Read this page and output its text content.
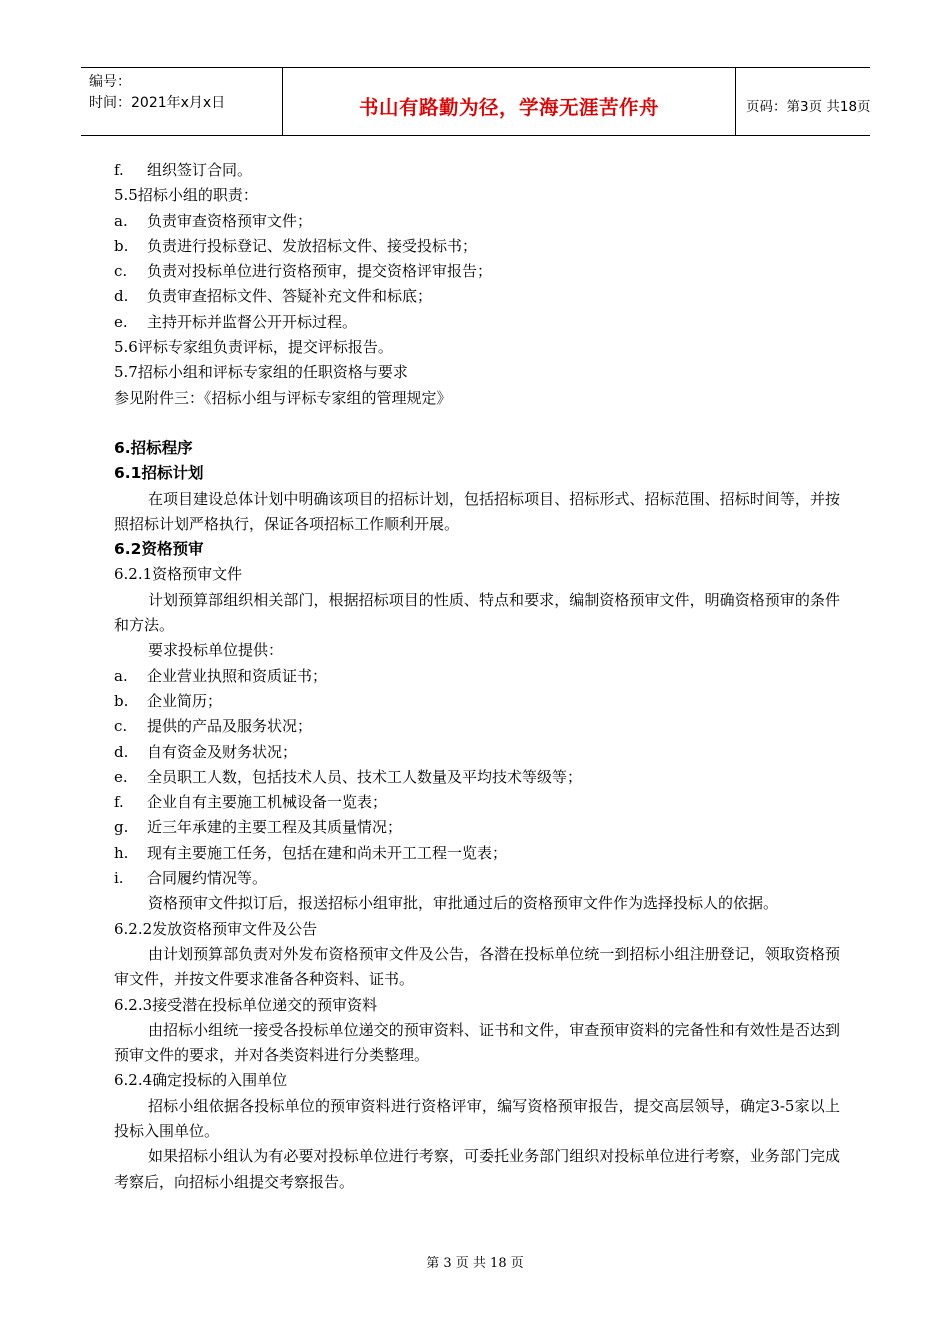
编号：
时间：2021年x月x日	书山有路勤为径，学海无涯苦作舟	页码：第3页 共18页

f. 组织签订合同。

5.5招标小组的职责：

a. 负责审查资格预审文件；

b. 负责进行投标登记、发放招标文件、接受投标书；

c. 负责对投标单位进行资格预审，提交资格评审报告；

d. 负责审查招标文件、答疑补充文件和标底；

e. 主持开标并监督公开开标过程。

5.6评标专家组负责评标，提交评标报告。

5.7招标小组和评标专家组的任职资格与要求

参见附件三：《招标小组与评标专家组的管理规定》

6.招标程序

6.1招标计划

在项目建设总体计划中明确该项目的招标计划，包括招标项目、招标形式、招标范围、招标时间等，并按照招标计划严格执行，保证各项招标工作顺利开展。

6.2资格预审

6.2.1资格预审文件

计划预算部组织相关部门，根据招标项目的性质、特点和要求，编制资格预审文件，明确资格预审的条件和方法。

要求投标单位提供：

a. 企业营业执照和资质证书；

b. 企业简历；

c. 提供的产品及服务状况；

d. 自有资金及财务状况；

e. 全员职工人数，包括技术人员、技术工人数量及平均技术等级等；

f. 企业自有主要施工机械设备一览表；

g. 近三年承建的主要工程及其质量情况；

h. 现有主要施工任务，包括在建和尚未开工工程一览表；

i. 合同履约情况等。

资格预审文件拟订后，报送招标小组审批，审批通过后的资格预审文件作为选择投标人的依据。

6.2.2发放资格预审文件及公告

由计划预算部负责对外发布资格预审文件及公告，各潜在投标单位统一到招标小组注册登记，领取资格预审文件，并按文件要求准备各种资料、证书。

6.2.3接受潜在投标单位递交的预审资料

由招标小组统一接受各投标单位递交的预审资料、证书和文件，审查预审资料的完备性和有效性是否达到预审文件的要求，并对各类资料进行分类整理。

6.2.4确定投标的入围单位

招标小组依据各投标单位的预审资料进行资格评审，编写资格预审报告，提交高层领导，确定3-5家以上投标入围单位。

如果招标小组认为有必要对投标单位进行考察，可委托业务部门组织对投标单位进行考察，业务部门完成考察后，向招标小组提交考察报告。

第 3 页 共 18 页
